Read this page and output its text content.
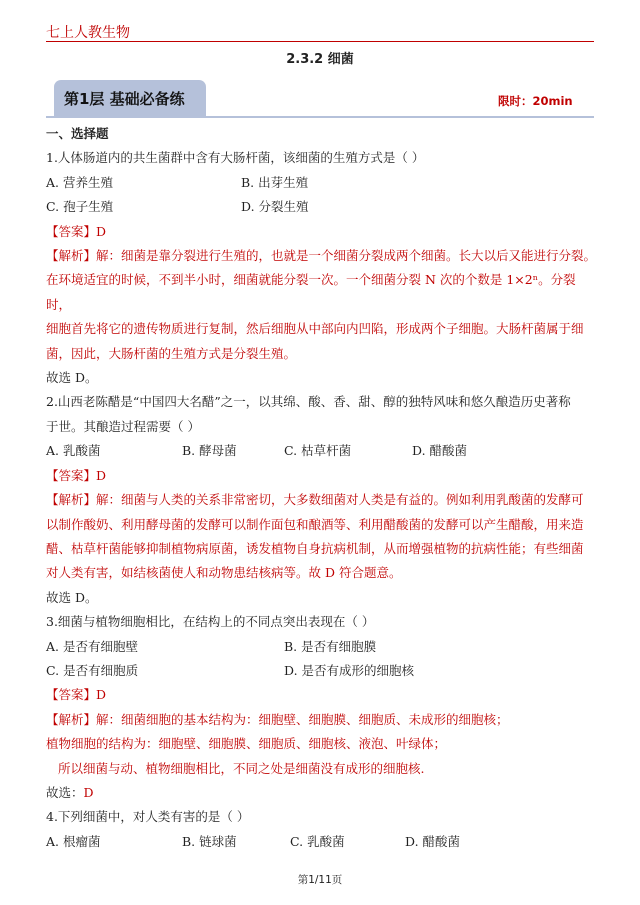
七上人教生物
2.3.2 细菌
第1层 基础必备练	限时：20min

一、选择题

1.人体肠道内的共生菌群中含有大肠杆菌，该细菌的生殖方式是（ ）

A. 营养生殖	B. 出芽生殖
C. 孢子生殖	D. 分裂生殖

【答案】D

【解析】解：细菌是靠分裂进行生殖的，也就是一个细菌分裂成两个细菌。长大以后又能进行分裂。

在环境适宜的时候，不到半小时，细菌就能分裂一次。一个细菌分裂 N 次的个数是 1×2ⁿ。分裂时，

细胞首先将它的遗传物质进行复制，然后细胞从中部向内凹陷，形成两个子细胞。大肠杆菌属于细

菌，因此，大肠杆菌的生殖方式是分裂生殖。

故选 D。

2.山西老陈醋是“中国四大名醋”之一，以其绵、酸、香、甜、醇的独特风味和悠久酿造历史著称

于世。其酿造过程需要（ ）

A. 乳酸菌	B. 酵母菌	C. 枯草杆菌	D. 醋酸菌

【答案】D

【解析】解：细菌与人类的关系非常密切，大多数细菌对人类是有益的。例如利用乳酸菌的发酵可

以制作酸奶、利用酵母菌的发酵可以制作面包和酿酒等、利用醋酸菌的发酵可以产生醋酸，用来造

醋、枯草杆菌能够抑制植物病原菌，诱发植物自身抗病机制，从而增强植物的抗病性能；有些细菌

对人类有害，如结核菌使人和动物患结核病等。故 D 符合题意。

故选 D。

3.细菌与植物细胞相比，在结构上的不同点突出表现在（ ）

A. 是否有细胞壁	B. 是否有细胞膜
C. 是否有细胞质	D. 是否有成形的细胞核

【答案】D

【解析】解：细菌细胞的基本结构为：细胞壁、细胞膜、细胞质、未成形的细胞核；

植物细胞的结构为：细胞壁、细胞膜、细胞质、细胞核、液泡、叶绿体；

所以细菌与动、植物细胞相比，不同之处是细菌没有成形的细胞核.

故选：D

4.下列细菌中，对人类有害的是（ ）

A. 根瘤菌	B. 链球菌	C. 乳酸菌	D. 醋酸菌
第1/11页
